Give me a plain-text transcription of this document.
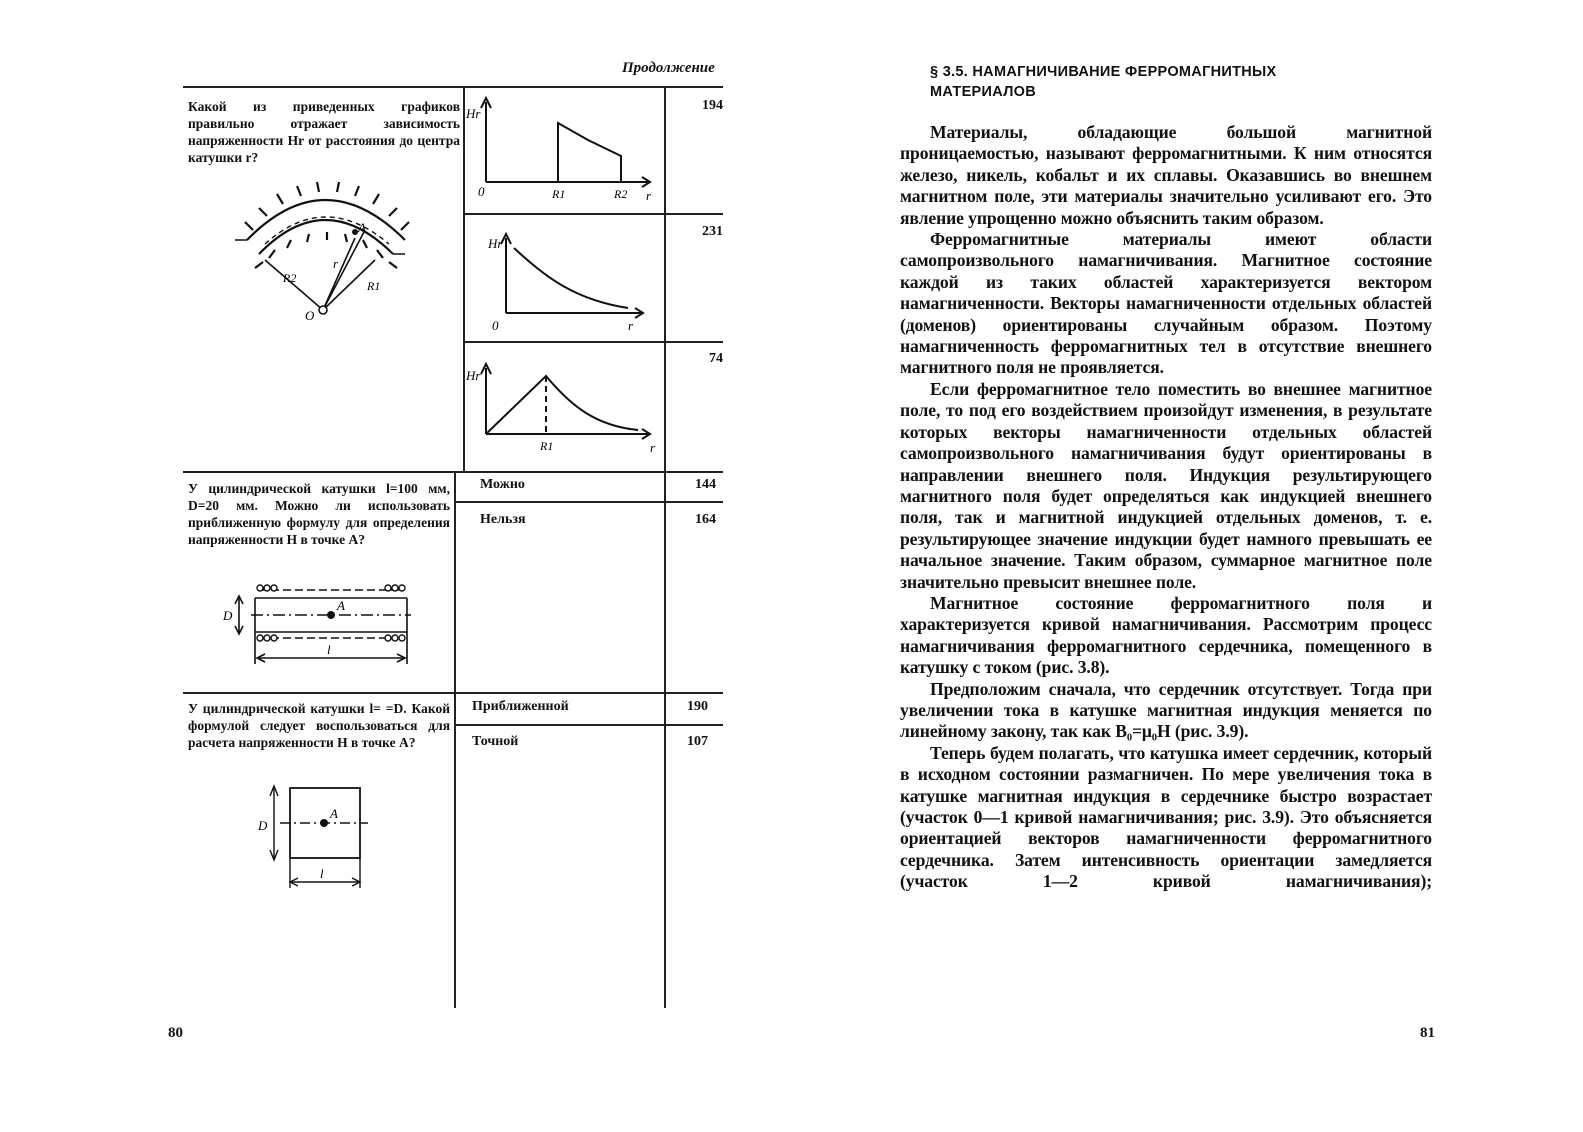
Продолжение

Какой из приведенных графиков правильно отражает зависимость напряженности Hr от расстояния до центра катушки r?

O
A
r
R2
R1
Hr
0	R1	R2 r
194
Hr
0	r
231
Hr
R1	r
74

У цилиндрической катушки l=100 мм, D=20 мм. Можно ли использовать приближенную формулу для определения напряженности H в точке A?

Можно	144
Нельзя	164
D
A
l

У цилиндрической катушки l= =D. Какой формулой следует воспользоваться для расчета напряженности H в точке A?

Приближенной	190
Точной	107
D
A
l
80
§ 3.5. НАМАГНИЧИВАНИЕ ФЕРРОМАГНИТНЫХ
МАТЕРИАЛОВ

Материалы, обладающие большой магнитной проницаемостью, называют ферромагнитными. К ним относятся железо, никель, кобальт и их сплавы. Оказавшись во внешнем магнитном поле, эти материалы значительно усиливают его. Это явление упрощенно можно объяснить таким образом.

Ферромагнитные материалы имеют области самопроизвольного намагничивания. Магнитное состояние каждой из таких областей характеризуется вектором намагниченности. Векторы намагниченности отдельных областей (доменов) ориентированы случайным образом. Поэтому намагниченность ферромагнитных тел в отсутствие внешнего магнитного поля не проявляется.

Если ферромагнитное тело поместить во внешнее магнитное поле, то под его воздействием произойдут изменения, в результате которых векторы намагниченности отдельных областей самопроизвольного намагничивания будут ориентированы в направлении внешнего поля. Индукция результирующего магнитного поля будет определяться как индукцией внешнего поля, так и магнитной индукцией отдельных доменов, т. е. результирующее значение индукции будет намного превышать ее начальное значение. Таким образом, суммарное магнитное поле значительно превысит внешнее поле.

Магнитное состояние ферромагнитного поля и характеризуется кривой намагничивания. Рассмотрим процесс намагничивания ферромагнитного сердечника, помещенного в катушку с током (рис. 3.8).

Предположим сначала, что сердечник отсутствует. Тогда при увеличении тока в катушке магнитная индукция меняется по линейному закону, так как B₀=μ₀H (рис. 3.9).

Теперь будем полагать, что катушка имеет сердечник, который в исходном состоянии размагничен. По мере увеличения тока в катушке магнитная индукция в сердечнике быстро возрастает (участок 0—1 кривой намагничивания; рис. 3.9). Это объясняется ориентацией векторов намагниченности ферромагнитного сердечника. Затем интенсивность ориентации замедляется (участок 1—2 кривой намагничивания);

81
